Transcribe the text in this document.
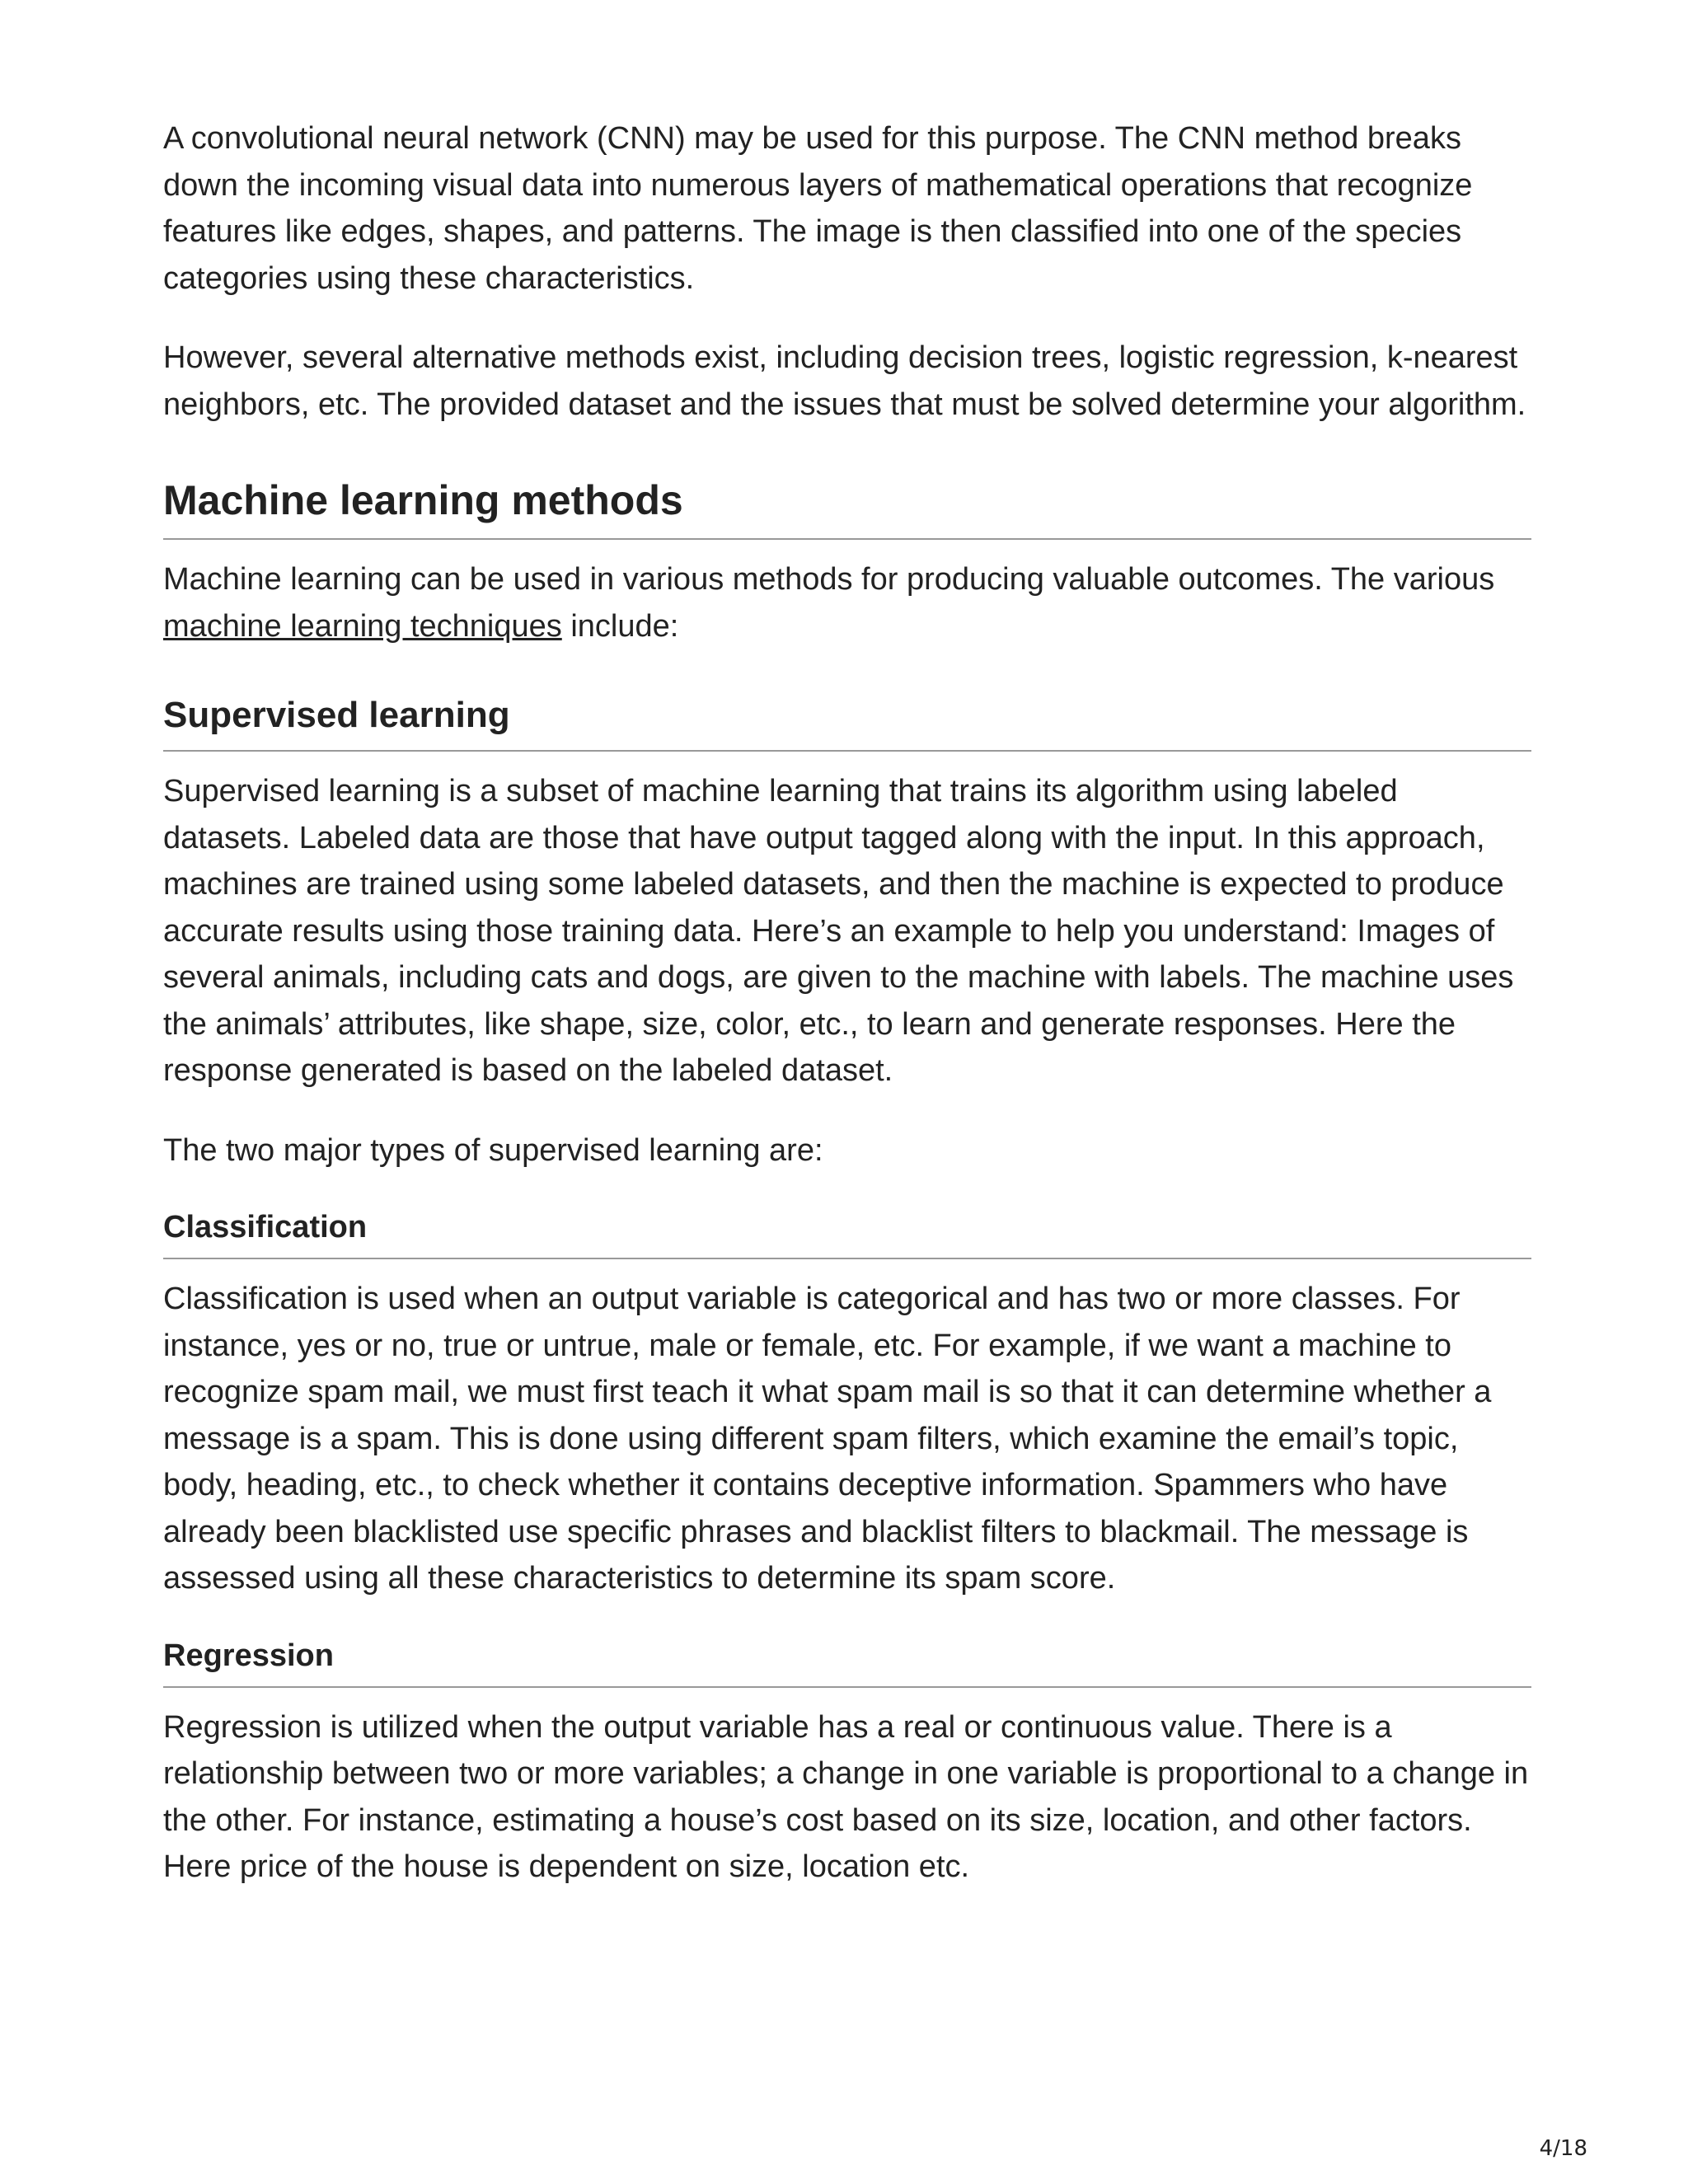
A convolutional neural network (CNN) may be used for this purpose. The CNN method breaks down the incoming visual data into numerous layers of mathematical operations that recognize features like edges, shapes, and patterns. The image is then classified into one of the species categories using these characteristics.

However, several alternative methods exist, including decision trees, logistic regression, k-nearest neighbors, etc. The provided dataset and the issues that must be solved determine your algorithm.

Machine learning methods

Machine learning can be used in various methods for producing valuable outcomes. The various machine learning techniques include:

Supervised learning

Supervised learning is a subset of machine learning that trains its algorithm using labeled datasets. Labeled data are those that have output tagged along with the input. In this approach, machines are trained using some labeled datasets, and then the machine is expected to produce accurate results using those training data. Here’s an example to help you understand: Images of several animals, including cats and dogs, are given to the machine with labels. The machine uses the animals’ attributes, like shape, size, color, etc., to learn and generate responses. Here the response generated is based on the labeled dataset.

The two major types of supervised learning are:

Classification

Classification is used when an output variable is categorical and has two or more classes. For instance, yes or no, true or untrue, male or female, etc. For example, if we want a machine to recognize spam mail, we must first teach it what spam mail is so that it can determine whether a message is a spam. This is done using different spam filters, which examine the email’s topic, body, heading, etc., to check whether it contains deceptive information. Spammers who have already been blacklisted use specific phrases and blacklist filters to blackmail. The message is assessed using all these characteristics to determine its spam score.

Regression

Regression is utilized when the output variable has a real or continuous value. There is a relationship between two or more variables; a change in one variable is proportional to a change in the other. For instance, estimating a house’s cost based on its size, location, and other factors. Here price of the house is dependent on size, location etc.

4/18
